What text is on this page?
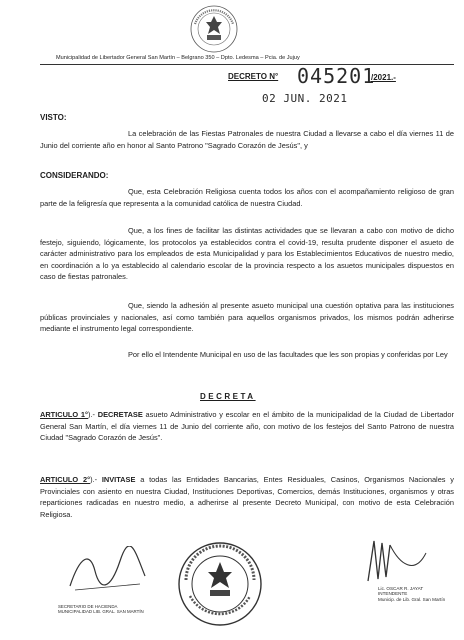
Municipalidad de Libertador General San Martín – Belgrano 350 – Dpto. Ledesma – Pcia. de Jujuy
DECRETO N° 045201
/2021.-
02 JUN. 2021
VISTO:
La celebración de las Fiestas Patronales de nuestra Ciudad a llevarse a cabo el día viernes 11 de Junio del corriente año en honor al Santo Patrono "Sagrado Corazón de Jesús", y
CONSIDERANDO:
Que, esta Celebración Religiosa cuenta todos los años con el acompañamiento religioso de gran parte de la feligresía que representa a la comunidad católica de nuestra Ciudad.
Que, a los fines de facilitar las distintas actividades que se llevaran a cabo con motivo de dicho festejo, siguiendo, lógicamente, los protocolos ya establecidos contra el covid-19, resulta prudente disponer el asueto de carácter administrativo para los empleados de esta Municipalidad y para los Establecimientos Educativos de nuestro medio, en coordinación a lo ya establecido al calendario escolar de la provincia respecto a los asuetos municipales dispuestos en caso de fiestas patronales.
Que, siendo la adhesión al presente asueto municipal una cuestión optativa para las instituciones públicas provinciales y nacionales, así como también para aquellos organismos privados, los mismos podrán adherirse mediante el instrumento legal correspondiente.
Por ello el Intendente Municipal en uso de las facultades que les son propias y conferidas por Ley
DECRETA
ARTICULO 1°).- DECRETASE asueto Administrativo y escolar en el ámbito de la municipalidad de la Ciudad de Libertador General San Martín, el día viernes 11 de Junio del corriente año, con motivo de los festejos del Santo Patrono de nuestra Ciudad "Sagrado Corazón de Jesús".
ARTICULO 2°).- INVITASE a todas las Entidades Bancarias, Entes Residuales, Casinos, Organismos Nacionales y Provinciales con asiento en nuestra Ciudad, Instituciones Deportivas, Comercios, demás Instituciones, organismos y otras reparticiones radicadas en nuestro medio, a adherirse al presente Decreto Municipal, con motivo de esta Celebración Religiosa.
SECRETARIO DE HACIENDA
MUNICIPALIDAD LIB. GRAL. SAN MARTÍN
Lic. OSCAR R. JAYAT
INTENDENTE
Municip. de Lib. Gral. San Martín
